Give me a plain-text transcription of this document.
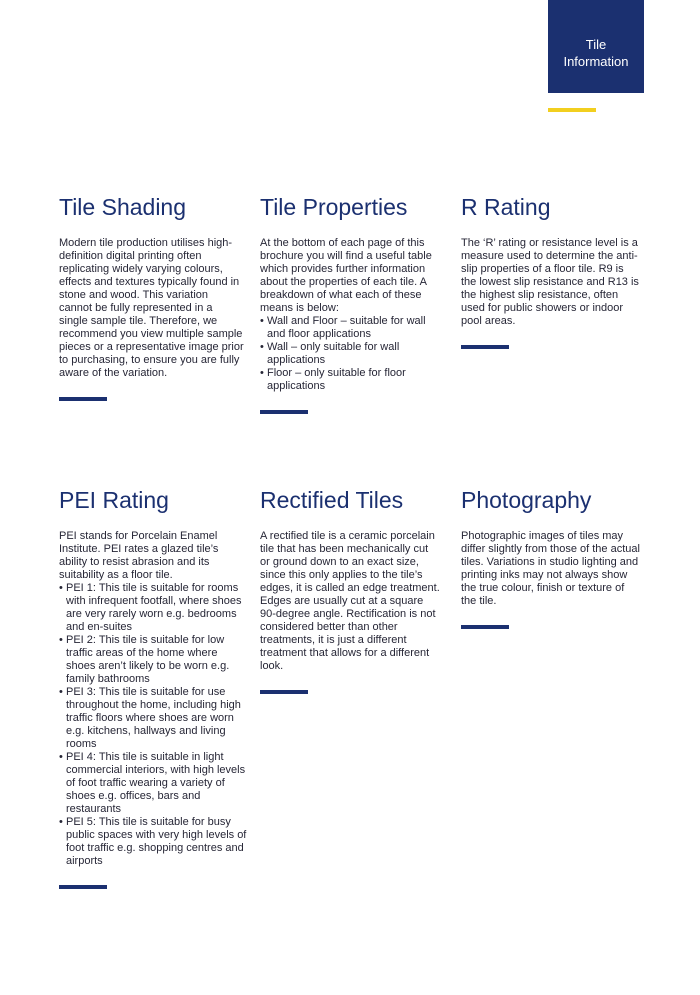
Tile
Information
Tile Shading

Modern tile production utilises high-definition digital printing often replicating widely varying colours, effects and textures typically found in stone and wood. This variation cannot be fully represented in a single sample tile. Therefore, we recommend you view multiple sample pieces or a representative image prior to purchasing, to ensure you are fully aware of the variation.

Tile Properties

At the bottom of each page of this brochure you will find a useful table which provides further information about the properties of each tile. A breakdown of what each of these means is below:

• Wall and Floor – suitable for wall and floor applications
• Wall – only suitable for wall applications
• Floor – only suitable for floor applications
R Rating

The ‘R’ rating or resistance level is a measure used to determine the anti-slip properties of a floor tile. R9 is the lowest slip resistance and R13 is the highest slip resistance, often used for public showers or indoor pool areas.

PEI Rating

PEI stands for Porcelain Enamel Institute. PEI rates a glazed tile’s ability to resist abrasion and its suitability as a floor tile.

• PEI 1: This tile is suitable for rooms with infrequent footfall, where shoes are very rarely worn e.g. bedrooms and en-suites
• PEI 2: This tile is suitable for low traffic areas of the home where shoes aren’t likely to be worn e.g. family bathrooms
• PEI 3: This tile is suitable for use throughout the home, including high traffic floors where shoes are worn e.g. kitchens, hallways and living rooms
• PEI 4: This tile is suitable in light commercial interiors, with high levels of foot traffic wearing a variety of shoes e.g. offices, bars and restaurants
• PEI 5: This tile is suitable for busy public spaces with very high levels of foot traffic e.g. shopping centres and airports
Rectified Tiles

A rectified tile is a ceramic porcelain tile that has been mechanically cut or ground down to an exact size, since this only applies to the tile’s edges, it is called an edge treatment. Edges are usually cut at a square 90-degree angle. Rectification is not considered better than other treatments, it is just a different treatment that allows for a different look.

Photography

Photographic images of tiles may differ slightly from those of the actual tiles. Variations in studio lighting and printing inks may not always show the true colour, finish or texture of the tile.
